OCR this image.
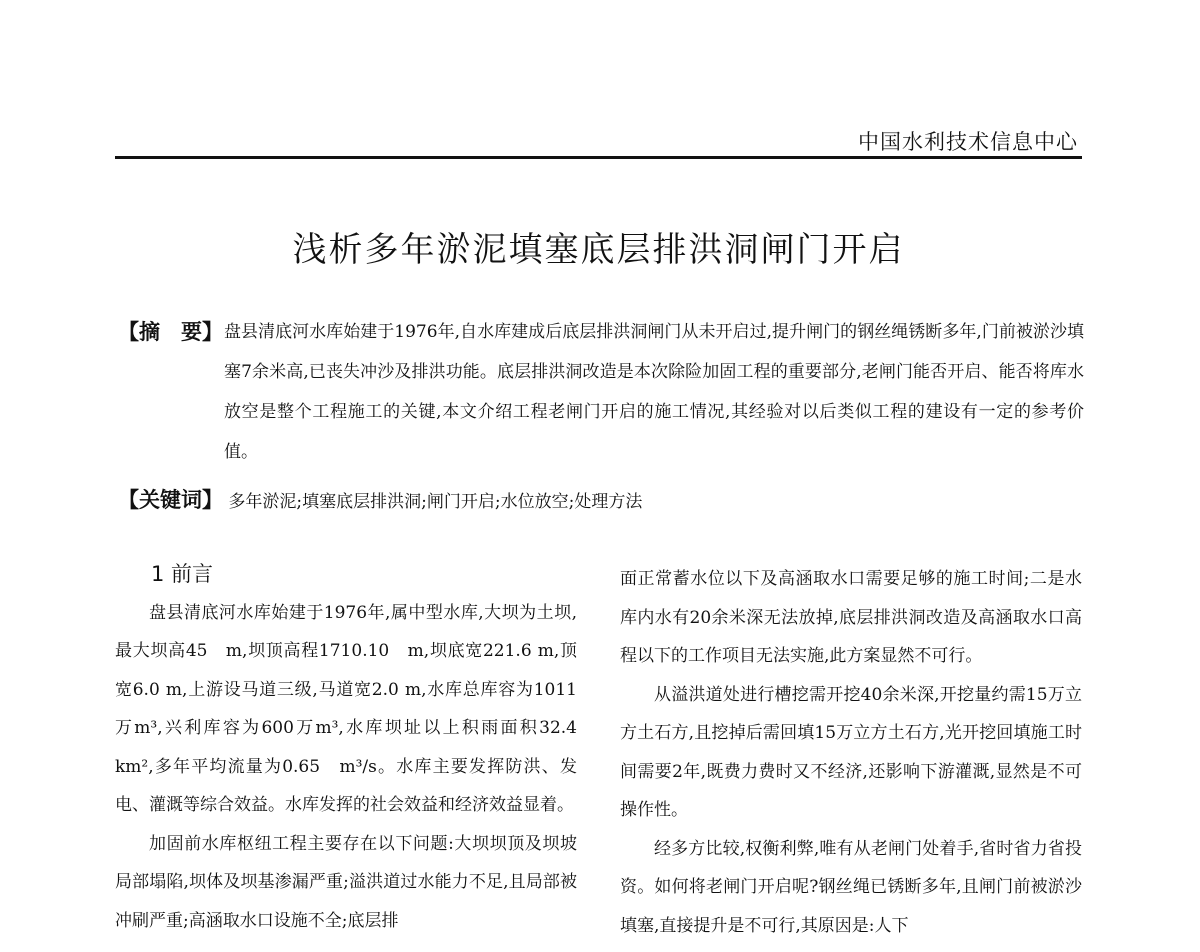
中国水利技术信息中心
浅析多年淤泥填塞底层排洪洞闸门开启
【摘　要】 盘县清底河水库始建于1976年,自水库建成后底层排洪洞闸门从未开启过,提升闸门的钢丝绳锈断多年,门前被淤沙填塞7余米高,已丧失冲沙及排洪功能。底层排洪洞改造是本次除险加固工程的重要部分,老闸门能否开启、能否将库水放空是整个工程施工的关键,本文介绍工程老闸门开启的施工情况,其经验对以后类似工程的建设有一定的参考价值。
【关键词】 多年淤泥;填塞底层排洪洞;闸门开启;水位放空;处理方法
1 前言

盘县清底河水库始建于1976年,属中型水库,大坝为土坝,最大坝高45　m,坝顶高程1710.10　m,坝底宽221.6 m,顶宽6.0 m,上游设马道三级,马道宽2.0 m,水库总库容为1011万m³,兴利库容为600万m³,水库坝址以上积雨面积32.4　km²,多年平均流量为0.65　m³/s。水库主要发挥防洪、发电、灌溉等综合效益。水库发挥的社会效益和经济效益显着。

加固前水库枢纽工程主要存在以下问题:大坝坝顶及坝坡局部塌陷,坝体及坝基渗漏严重;溢洪道过水能力不足,且局部被冲刷严重;高涵取水口设施不全;底层排

面正常蓄水位以下及高涵取水口需要足够的施工时间;二是水库内水有20余米深无法放掉,底层排洪洞改造及高涵取水口高程以下的工作项目无法实施,此方案显然不可行。

从溢洪道处进行槽挖需开挖40余米深,开挖量约需15万立方土石方,且挖掉后需回填15万立方土石方,光开挖回填施工时间需要2年,既费力费时又不经济,还影响下游灌溉,显然是不可操作性。

经多方比较,权衡利弊,唯有从老闸门处着手,省时省力省投资。如何将老闸门开启呢?钢丝绳已锈断多年,且闸门前被淤沙填塞,直接提升是不可行,其原因是:人下
